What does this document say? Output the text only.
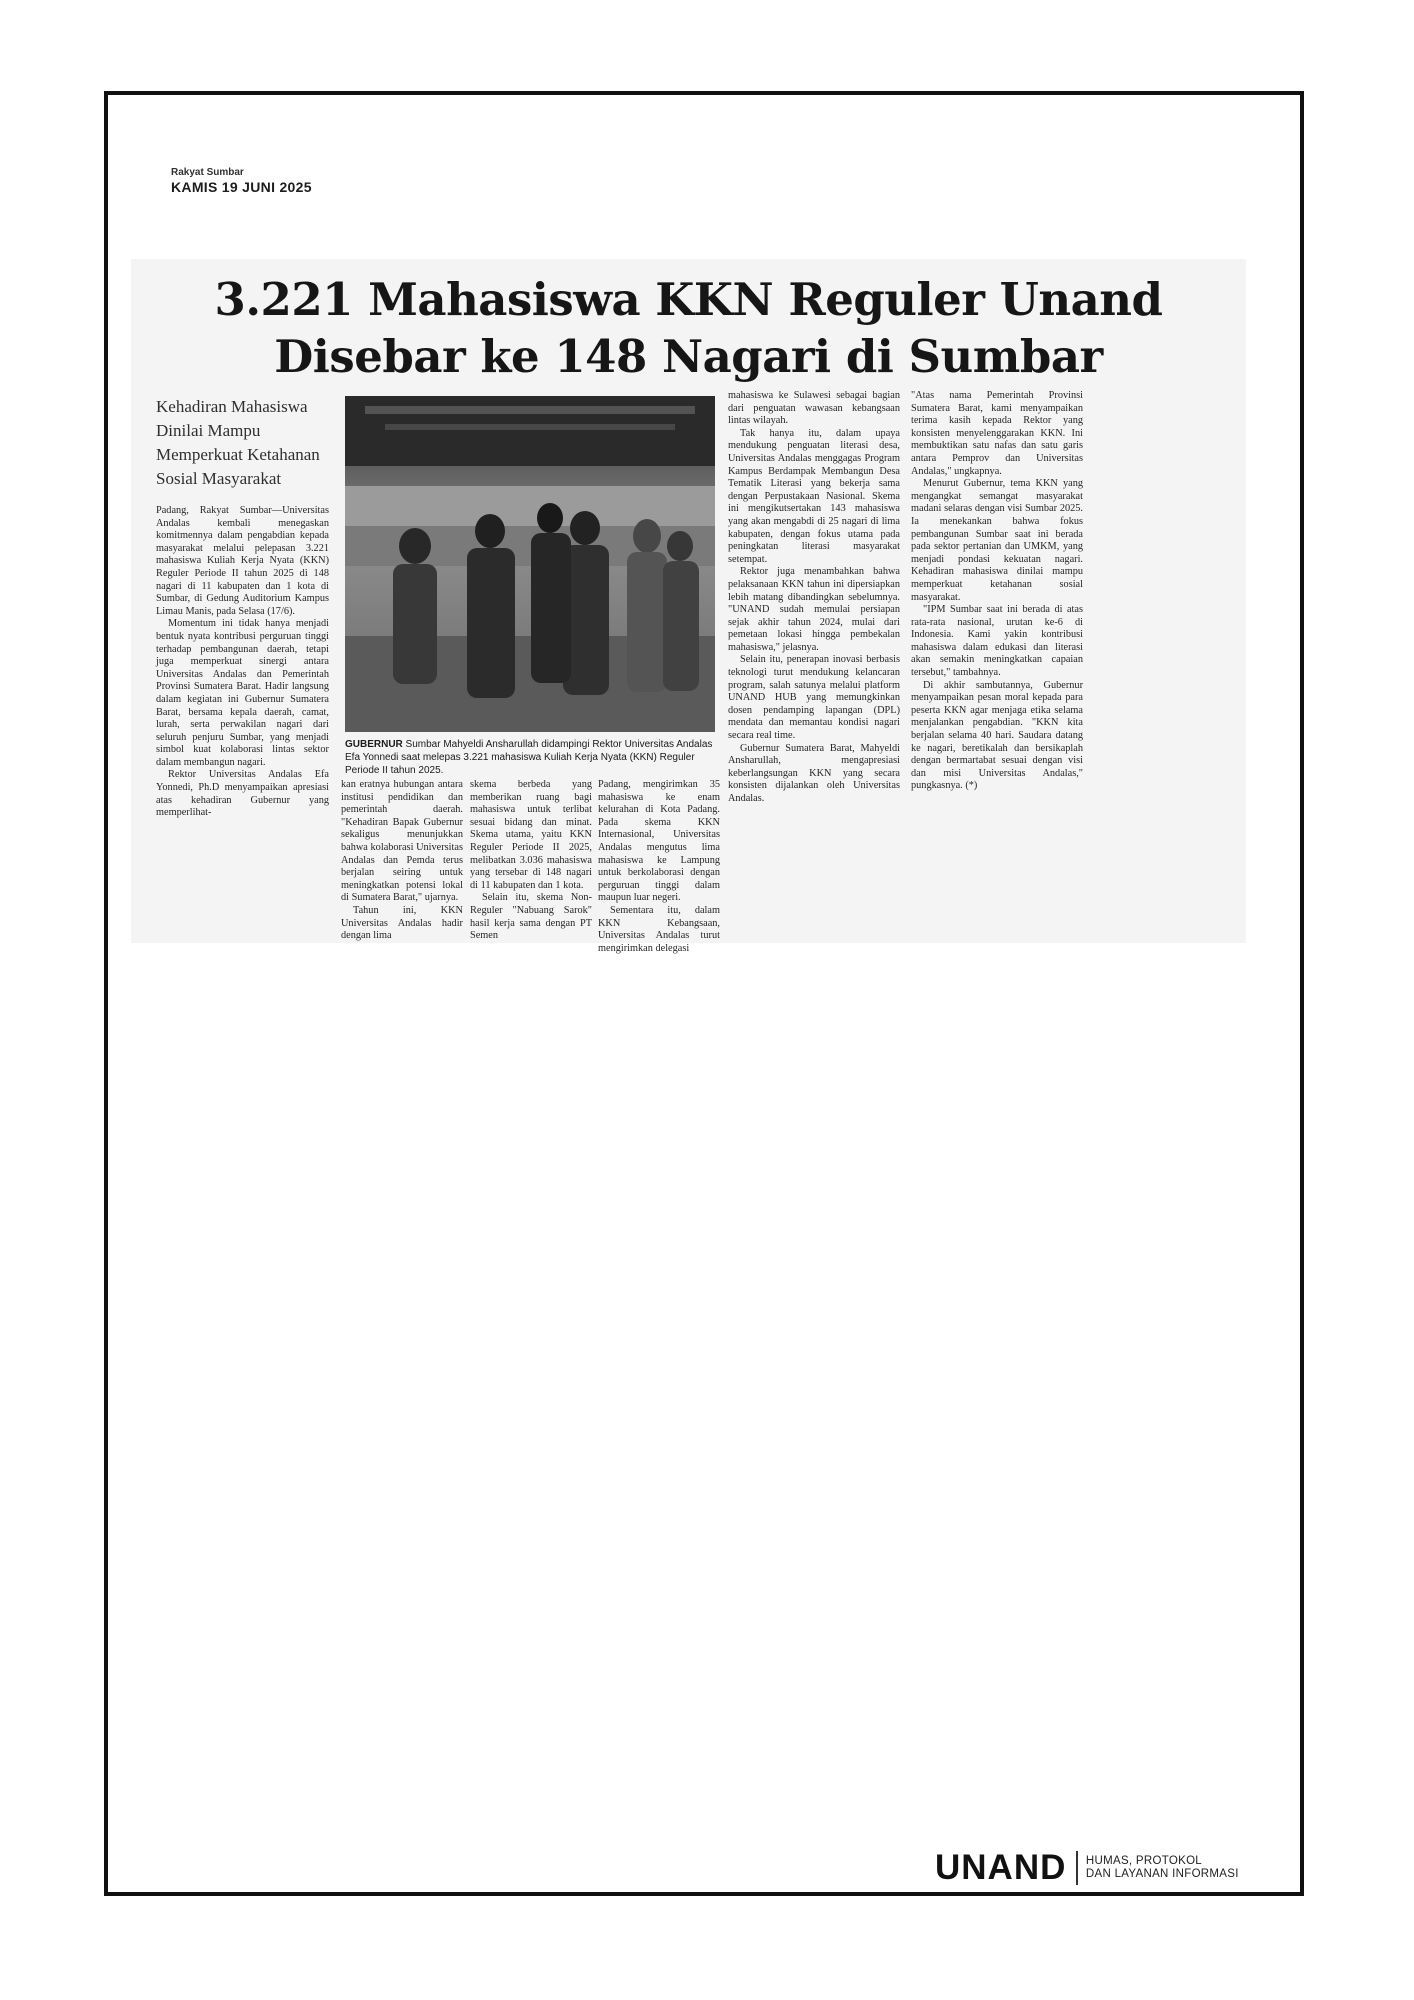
Rakyat Sumbar
KAMIS 19 JUNI 2025
3.221 Mahasiswa KKN Reguler Unand
Disebar ke 148 Nagari di Sumbar
Kehadiran Mahasiswa Dinilai Mampu Memperkuat Ketahanan Sosial Masyarakat

Padang, Rakyat Sumbar—Universitas Andalas kembali menegaskan komitmennya dalam pengabdian kepada masyarakat melalui pelepasan 3.221 mahasiswa Kuliah Kerja Nyata (KKN) Reguler Periode II tahun 2025 di 148 nagari di 11 kabupaten dan 1 kota di Sumbar, di Gedung Auditorium Kampus Limau Manis, pada Selasa (17/6).

Momentum ini tidak hanya menjadi bentuk nyata kontribusi perguruan tinggi terhadap pembangunan daerah, tetapi juga memperkuat sinergi antara Universitas Andalas dan Pemerintah Provinsi Sumatera Barat. Hadir langsung dalam kegiatan ini Gubernur Sumatera Barat, bersama kepala daerah, camat, lurah, serta perwakilan nagari dari seluruh penjuru Sumbar, yang menjadi simbol kuat kolaborasi lintas sektor dalam membangun nagari.

Rektor Universitas Andalas Efa Yonnedi, Ph.D menyampaikan apresiasi atas kehadiran Gubernur yang memperlihat-

GUBERNUR Sumbar Mahyeldi Ansharullah didampingi Rektor Universitas Andalas Efa Yonnedi saat melepas 3.221 mahasiswa Kuliah Kerja Nyata (KKN) Reguler Periode II tahun 2025.

kan eratnya hubungan antara institusi pendidikan dan pemerintah daerah. "Kehadiran Bapak Gubernur sekaligus menunjukkan bahwa kolaborasi Universitas Andalas dan Pemda terus berjalan seiring untuk meningkatkan potensi lokal di Sumatera Barat," ujarnya.

Tahun ini, KKN Universitas Andalas hadir dengan lima

skema berbeda yang memberikan ruang bagi mahasiswa untuk terlibat sesuai bidang dan minat. Skema utama, yaitu KKN Reguler Periode II 2025, melibatkan 3.036 mahasiswa yang tersebar di 148 nagari di 11 kabupaten dan 1 kota.

Selain itu, skema Non-Reguler "Nabuang Sarok" hasil kerja sama dengan PT Semen

Padang, mengirimkan 35 mahasiswa ke enam kelurahan di Kota Padang. Pada skema KKN Internasional, Universitas Andalas mengutus lima mahasiswa ke Lampung untuk berkolaborasi dengan perguruan tinggi dalam maupun luar negeri.

Sementara itu, dalam KKN Kebangsaan, Universitas Andalas turut mengirimkan delegasi

mahasiswa ke Sulawesi sebagai bagian dari penguatan wawasan kebangsaan lintas wilayah.

Tak hanya itu, dalam upaya mendukung penguatan literasi desa, Universitas Andalas menggagas Program Kampus Berdampak Membangun Desa Tematik Literasi yang bekerja sama dengan Perpustakaan Nasional. Skema ini mengikutsertakan 143 mahasiswa yang akan mengabdi di 25 nagari di lima kabupaten, dengan fokus utama pada peningkatan literasi masyarakat setempat.

Rektor juga menambahkan bahwa pelaksanaan KKN tahun ini dipersiapkan lebih matang dibandingkan sebelumnya. "UNAND sudah memulai persiapan sejak akhir tahun 2024, mulai dari pemetaan lokasi hingga pembekalan mahasiswa," jelasnya.

Selain itu, penerapan inovasi berbasis teknologi turut mendukung kelancaran program, salah satunya melalui platform UNAND HUB yang memungkinkan dosen pendamping lapangan (DPL) mendata dan memantau kondisi nagari secara real time.

Gubernur Sumatera Barat, Mahyeldi Ansharullah, mengapresiasi keberlangsungan KKN yang secara konsisten dijalankan oleh Universitas Andalas.

"Atas nama Pemerintah Provinsi Sumatera Barat, kami menyampaikan terima kasih kepada Rektor yang konsisten menyelenggarakan KKN. Ini membuktikan satu nafas dan satu garis antara Pemprov dan Universitas Andalas," ungkapnya.

Menurut Gubernur, tema KKN yang mengangkat semangat masyarakat madani selaras dengan visi Sumbar 2025. Ia menekankan bahwa fokus pembangunan Sumbar saat ini berada pada sektor pertanian dan UMKM, yang menjadi pondasi kekuatan nagari. Kehadiran mahasiswa dinilai mampu memperkuat ketahanan sosial masyarakat.

"IPM Sumbar saat ini berada di atas rata-rata nasional, urutan ke-6 di Indonesia. Kami yakin kontribusi mahasiswa dalam edukasi dan literasi akan semakin meningkatkan capaian tersebut," tambahnya.

Di akhir sambutannya, Gubernur menyampaikan pesan moral kepada para peserta KKN agar menjaga etika selama menjalankan pengabdian. "KKN kita berjalan selama 40 hari. Saudara datang ke nagari, beretikalah dan bersikaplah dengan bermartabat sesuai dengan visi dan misi Universitas Andalas," pungkasnya. (*)

UNAND HUMAS, PROTOKOL
DAN LAYANAN INFORMASI
